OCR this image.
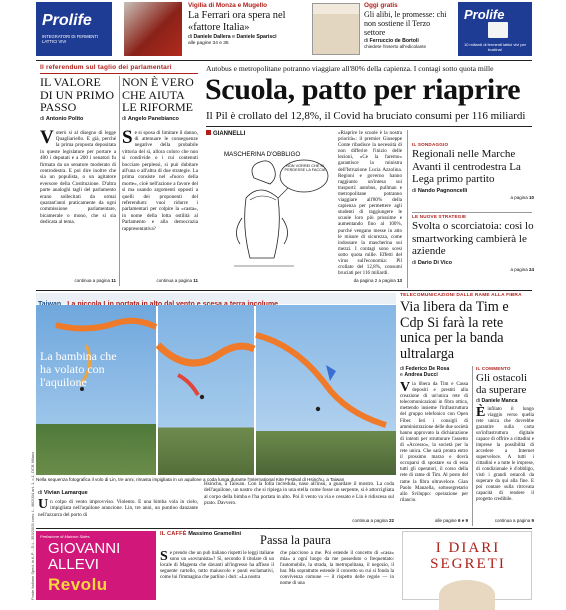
Prolife
INTEGRATORI DI FERMENTI LATTICI VIVI
Vigilia di Monza e Mugello
La Ferrari ora spera nel «fattore Italia»
di Daniele Dallera e Daniele Sparisci
alle pagine 34 e 35
Oggi gratis
Gli alibi, le promesse: chi non sostiene il Terzo settore
di Ferruccio de Bortoli
chiedete l'inserto all'edicolante
Prolife
10 miliardi di fermenti lattici vivi per bustina!
Il referendum sul taglio dei parlamentari
IL VALORE DI UN PRIMO PASSO
di Antonio Polito
Voterò sì al disegno di legge Quagliariello. E già, perché la prima proposta depositata in queste legislature per portare a 400 i deputati e a 200 i senatori fu firmata da un senatore moderato di centrodestra. E poi dire inoltre che sia un populista, o un agitatore eversore della Costituzione. D'altra parte analoghi tagli del parlamento erano sollecitati da ormai quarant'anni praticamente da ogni commissione parlamentare, bicamerale o mono, che si sia dedicata al tema.
continua a pagina 11
NON È VERO CHE AIUTA LE RIFORME
di Angelo Panebianco
Se si sposa di limitare il danno, di attenuare le conseguenze negative della probabile vittoria del sì, allora coloro che non si condivide o i cui contenuti bocciare perplessi, si può dubitare all'una o all'altra di due strategie. La prima consiste nel «fuoco della morte», cioè nell'azione a favore del sì ma usando argomenti opposti a quelli dei proponenti del referendum: vuoi ridurre i parlamentari per colpire la «casta», in nome della lotta ostilità al Parlamento e alla democrazia rappresentativa?
continua a pagina 11
Autobus e metropolitane potranno viaggiare all'80% della capienza. I contagi sotto quota mille
Scuola, patto per riaprire
Il Pil è crollato del 12,8%, il Covid ha bruciato consumi per 116 miliardi
GIANNELLI
MASCHERINA D'OBBLIGO
NON VORREI CHE SI PERDESSE LA FACCIA
«Riaprire le scuole è la nostra priorità»: il premier Giuseppe Conte ribadisce la necessità di non differire l'inizio delle lezioni, «Ce la faremo» garantisce la ministra dell'Istruzione Lucia Azzolina. Regioni e governo hanno raggiunto un'intesa sui trasporti: autobus, pullman e metropolitane potranno viaggiare all'80% della capienza per permettere agli studenti di raggiungere le scuole loro più prossime e aumentando fino al 100%, purché vengano messe in atto le misure di sicurezza, come indossare la mascherina sui mezzi. I contagi sono scesi sotto quota mille. Effetti del virus sull'economia: Pil crollato del 12,8%, consumi bruciati per 116 miliardi.
da pagina 2 a pagina 13
IL SONDAGGIO
Regionali nelle Marche Avanti il centrodestra La Lega primo partito
di Nando Pagnoncelli
a pagina 10
LE NUOVE STRATEGIE
Svolta o scorciatoia: così lo smartworking cambierà le aziende
di Dario Di Vico
a pagina 24
La bambina che ha volato con l'aquilone
Nella sequenza fotografica il volo di Lin, tre anni, rimasta impigliata in un aquilone a coda lunga durante l'International Kite Festival di Hsinchu, a Taiwan
di Vivian Lamarque
Un colpo di vento improvviso. Violento. E una bimba vola in cielo, impigliata nell'aquilone arancione. Lin, tre anni, un puntino danzante nell'azzurra del porto di
Hsinchu, a Taiwan. Con la folla incredula, naso all'insù, a guardare il mostro. La coda dell'aquilone, un nastro che si ripiega in una stella come fosse un serpente, si è attorcigliata al corpo della bimba e l'ha portata in alto. Poi il vento va via e cessato e Lin è ridiscesa sul prato. Davvero.
continua a pagina 22
TELECOMUNICAZIONI DALLE RAME ALLA FIBRA
Via libera da Tim e Cdp Si farà la rete unica per la banda ultralarga
di Federico De Rosa
e Andrea Ducci
Via libera da Tim e Cassa depositi e prestiti alla creazione di un'unica rete di telecomunicazioni in fibra ottica, mettendo insieme l'infrastruttura del gruppo telefonico con Open Fiber. Ieri i consigli di amministrazione delle due società hanno approvato la dichiarazione di intenti per strutturare l'assetto di «Accesso», la società per la rete unica. Che sarà pronta entro il prossimo marzo e dovrà occuparsi di spostare su di essa tutti gli operatori, il corso della rete di rame di Tim. Al posto del rame la fibra ultraveloce. Gian Paolo Manzella, sottosegretario allo Sviluppo: operazione per rilancio.
alle pagine 6 e 9
IL COMMENTO
Gli ostacoli da superare
di Daniele Manca
Èinfilato il lungo viaggio verso quella rete unica che dovrebbe garantire sulla carta un'infrastruttura digitale capace di offrire a cittadini e imprese la possibilità di accedere a Internet superveloce. A tutti i cittadini e a tutte le imprese, di condizionale è d'obbligo, visti i grandi ostacoli da superare da qui alla fine. E poi contare sulla ritrovata capacità di rendere il progetto credibile.
continua a pagina 9
Prefazione di Malcom Sides
GIOVANNI
ALLEVI
Revolu
IL CAFFÈ Massimo Gramellini	Passa la paura
Se prendo che un pub italiano rispetti le leggi italiane sono un «sovranista»? Sì, secondo il titolare di un locale di Magenta che davanti all'ingresso ha affisso il seguente cartello, tutto maiuscolo e punti esclamativi, come lui l'immagina che parlino i duri: «La nostra
che piacciono a me. Poi estende il concetto di «casa» mia» a ogni luogo da me posseduto o frequentato: l'automobile, la strada, la metropolitana, il negozio, il bar. Ma soprattutto estende il concetto su cui si fonda la convivenza comune — il rispetto delle regole — in nome di una
I DIARI SEGRETI
Poste Italiane Sped. in A.P. - D.L. 353/2003 conv. L. 46/2004 art. 1, c.1, DCB Milano
